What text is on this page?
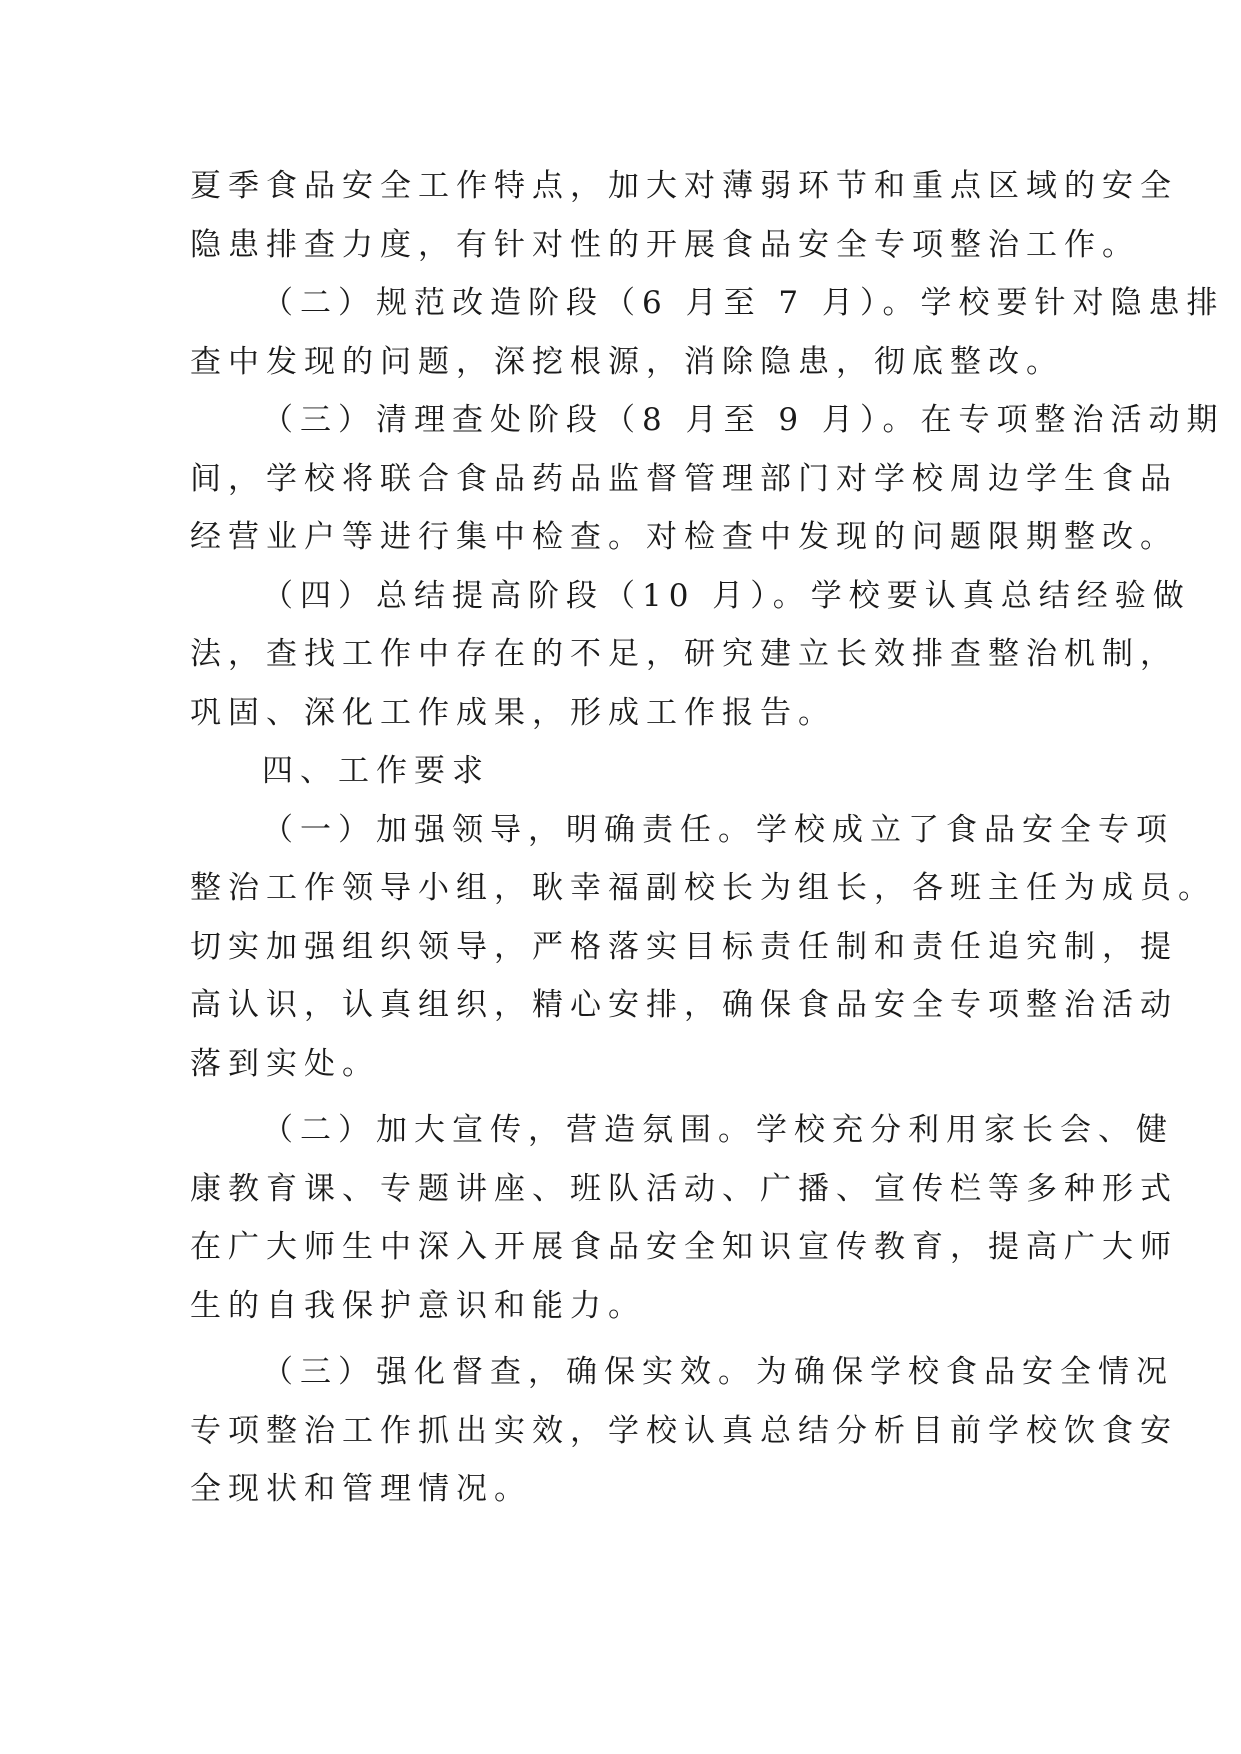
夏季食品安全工作特点，加大对薄弱环节和重点区域的安全
隐患排查力度，有针对性的开展食品安全专项整治工作。
（二）规范改造阶段（6 月至 7 月）。学校要针对隐患排
查中发现的问题，深挖根源，消除隐患，彻底整改。
（三）清理查处阶段（8 月至 9 月）。在专项整治活动期
间，学校将联合食品药品监督管理部门对学校周边学生食品
经营业户等进行集中检查。对检查中发现的问题限期整改。
（四）总结提高阶段（10 月）。学校要认真总结经验做
法，查找工作中存在的不足，研究建立长效排查整治机制，
巩固、深化工作成果，形成工作报告。
四、工作要求
（一）加强领导，明确责任。学校成立了食品安全专项
整治工作领导小组，耿幸福副校长为组长，各班主任为成员。
切实加强组织领导，严格落实目标责任制和责任追究制，提
高认识，认真组织，精心安排，确保食品安全专项整治活动
落到实处。
（二）加大宣传，营造氛围。学校充分利用家长会、健
康教育课、专题讲座、班队活动、广播、宣传栏等多种形式
在广大师生中深入开展食品安全知识宣传教育，提高广大师
生的自我保护意识和能力。
（三）强化督查，确保实效。为确保学校食品安全情况
专项整治工作抓出实效，学校认真总结分析目前学校饮食安
全现状和管理情况。
